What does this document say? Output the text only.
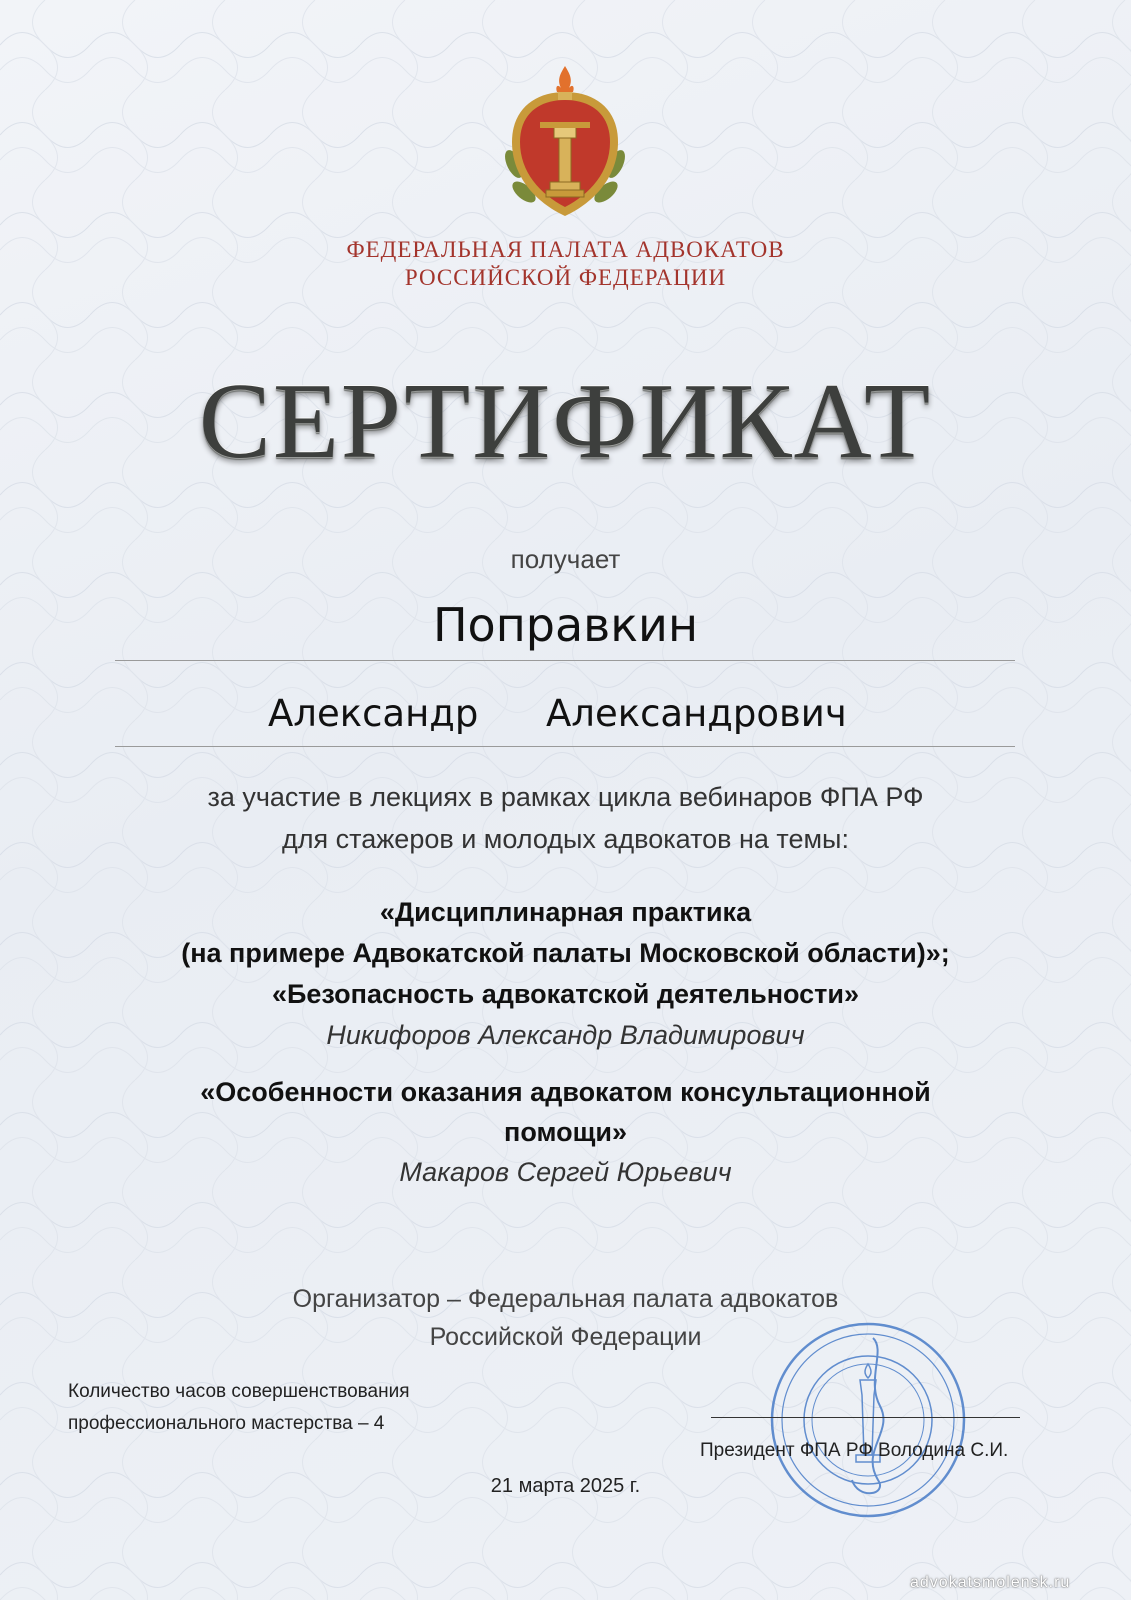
ФЕДЕРАЛЬНАЯ ПАЛАТА АДВОКАТОВ
РОССИЙСКОЙ ФЕДЕРАЦИИ
СЕРТИФИКАТ
получает
Поправкин
Александр Александрович
за участие в лекциях в рамках цикла вебинаров ФПА РФ
для стажеров и молодых адвокатов на темы:
«Дисциплинарная практика
(на примере Адвокатской палаты Московской области)»;
«Безопасность адвокатской деятельности»
Никифоров Александр Владимирович
«Особенности оказания адвокатом консультационной
помощи»
Макаров Сергей Юрьевич
Организатор – Федеральная палата адвокатов
Российской Федерации
Количество часов совершенствования
профессионального мастерства – 4
Президент ФПА РФ Володина С.И.
21 марта 2025 г.
advokatsmolensk.ru
